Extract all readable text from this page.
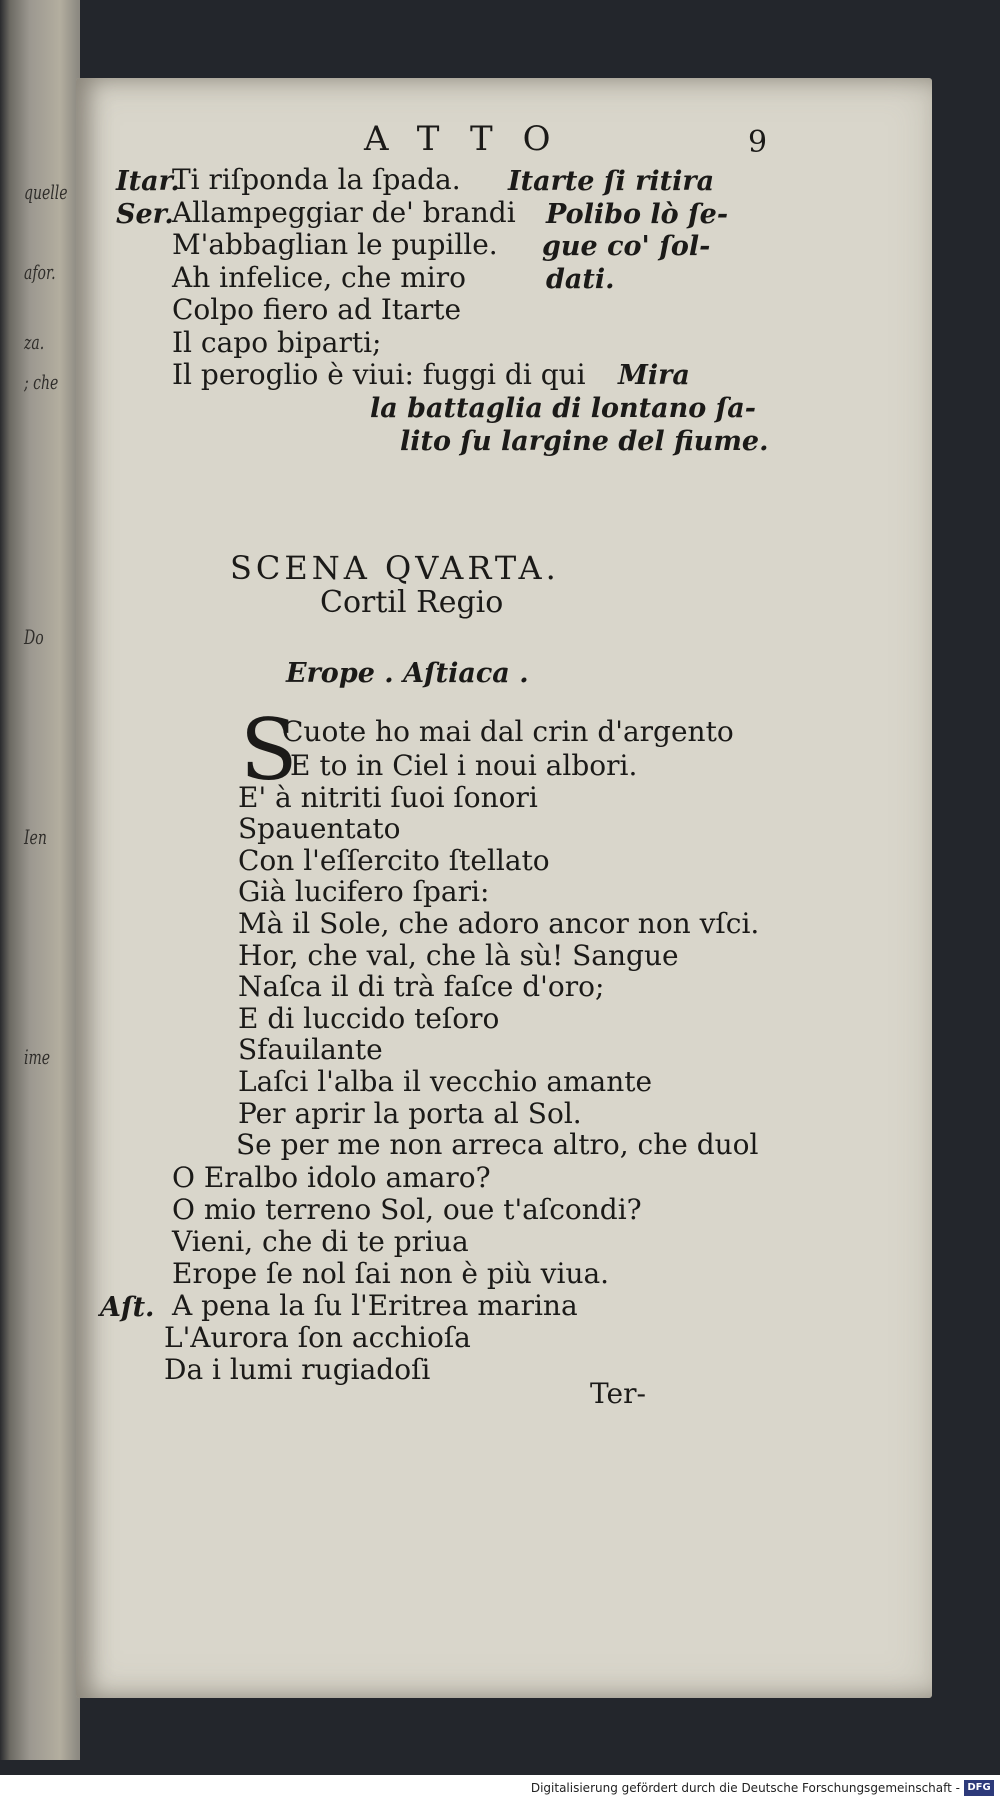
quelle
afor.
za.
; che
Do
ime
Ien
ATTO	9
Itar.
Ti riſponda la ſpada.
Ser.
Allampeggiar de' brandi
M'abbaglian le pupille.
Ah infelice, che miro
Colpo fiero ad Itarte
Il capo biparti;
Il peroglio è viui: fuggi di qui
Itarte ſi ritira
Polibo lò ſe-
gue co' ſol-
dati.
Mira
la battaglia di lontano ſa-
lito ſu largine del fiume.
SCENA QVARTA.
Cortil Regio
Erope . Aſtiaca .
S
Cuote ho mai dal crin d'argento
E to in Ciel i noui albori.
E' à nitriti ſuoi ſonori
Spauentato
Con l'eſſercito ſtellato
Già lucifero ſpari:
Mà il Sole, che adoro ancor non vſci.
Hor, che val, che là sù! Sangue
Naſca il di trà faſce d'oro;
E di luccido teſoro
Sfauilante
Laſci l'alba il vecchio amante
Per aprir la porta al Sol.
Se per me non arreca altro, che duol
O Eralbo idolo amaro?
O mio terreno Sol, oue t'aſcondi?
Vieni, che di te priua
Erope ſe nol ſai non è più viua.
Aſt. A pena la ſu l'Eritrea marina
L'Aurora ſon acchioſa
Da i lumi rugiadoſi
Ter-
Digitalisierung gefördert durch die Deutsche Forschungsgemeinschaft - DFG
